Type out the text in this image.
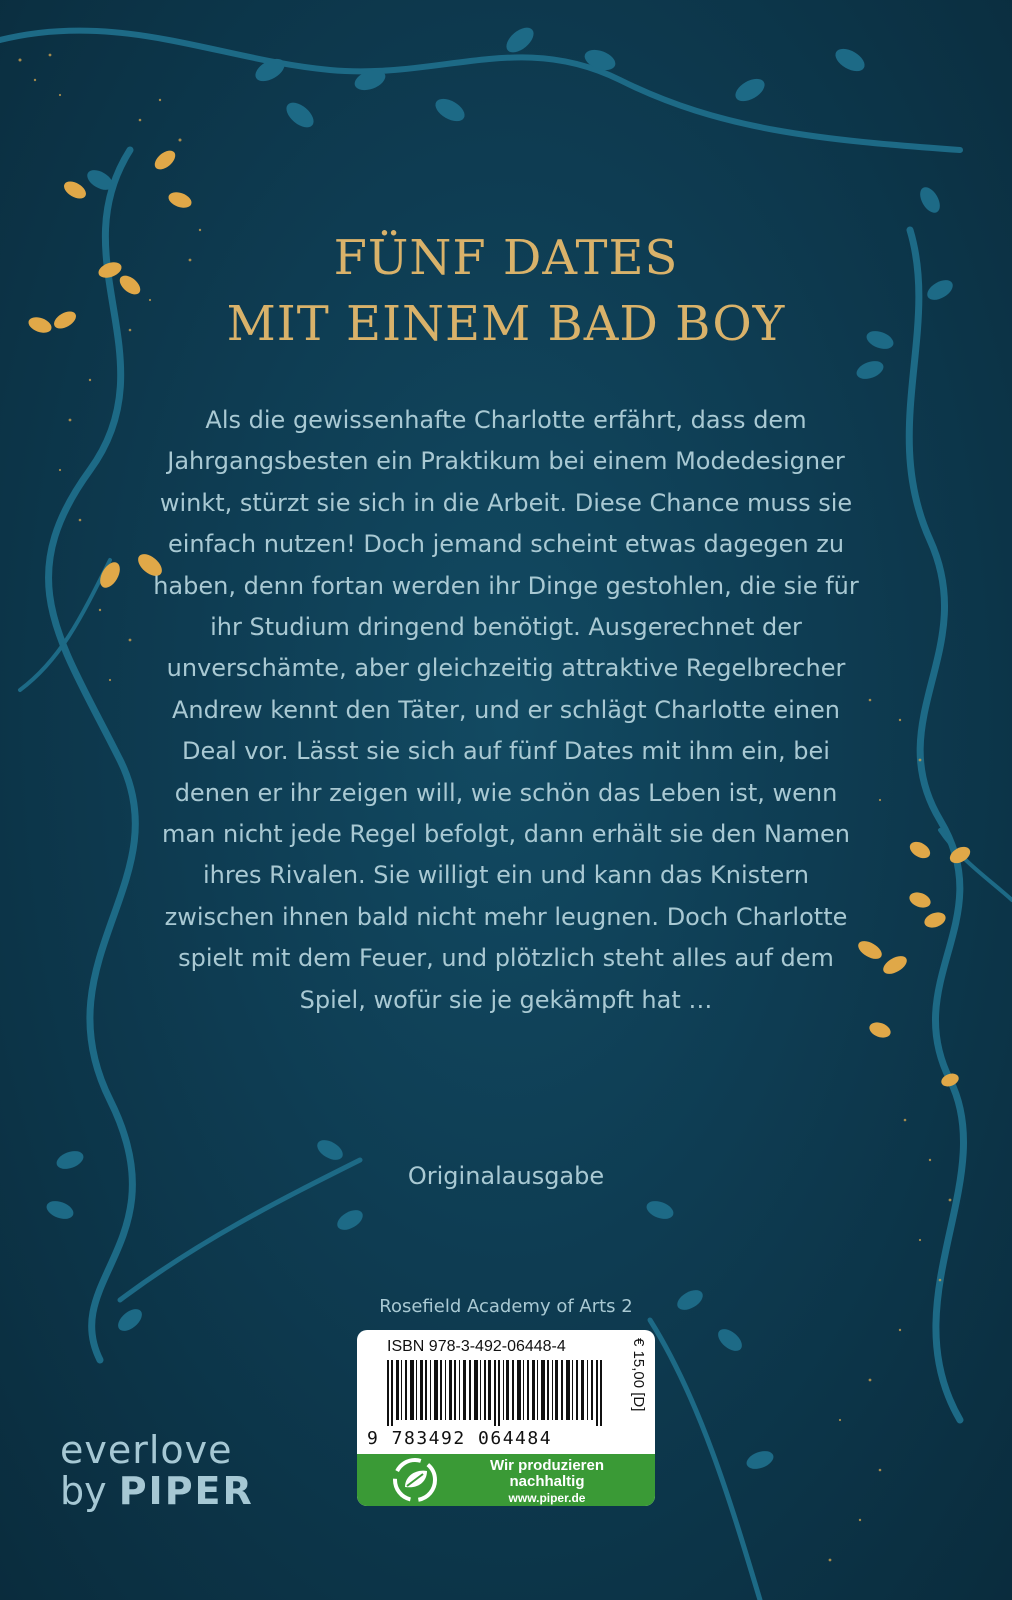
FÜNF DATES
MIT EINEM BAD BOY

Als die gewissenhafte Charlotte erfährt, dass dem Jahrgangsbesten ein Praktikum bei einem Modedesigner winkt, stürzt sie sich in die Arbeit. Diese Chance muss sie einfach nutzen! Doch jemand scheint etwas dagegen zu haben, denn fortan werden ihr Dinge gestohlen, die sie für ihr Studium dringend benötigt. Ausgerechnet der unverschämte, aber gleichzeitig attraktive Regelbrecher Andrew kennt den Täter, und er schlägt Charlotte einen Deal vor. Lässt sie sich auf fünf Dates mit ihm ein, bei denen er ihr zeigen will, wie schön das Leben ist, wenn man nicht jede Regel befolgt, dann erhält sie den Namen ihres Rivalen. Sie willigt ein und kann das Knistern zwischen ihnen bald nicht mehr leugnen. Doch Charlotte spielt mit dem Feuer, und plötzlich steht alles auf dem Spiel, wofür sie je gekämpft hat …

Originalausgabe
Rosefield Academy of Arts 2
ISBN 978-3-492-06448-4
9 783492 064484
€ 15,00 [D]
Wir produzieren
nachhaltig
www.piper.de
everlove
by PIPER
